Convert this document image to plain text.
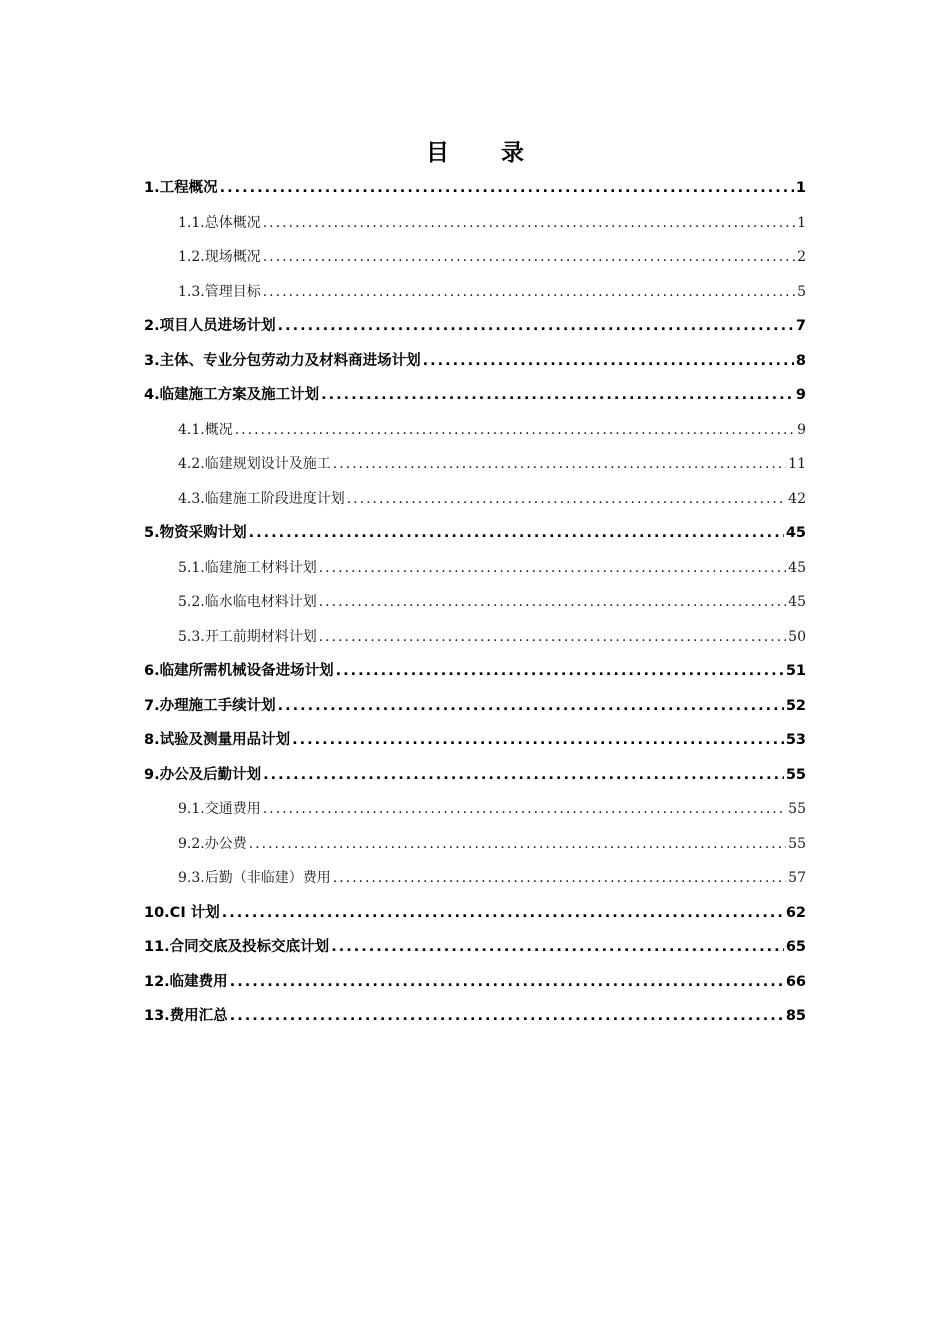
目 录
1.工程概况 .....	1
1.1.总体概况 .....	1
1.2.现场概况 .....	2
1.3.管理目标 .....	5
2.项目人员进场计划 .....	7
3.主体、专业分包劳动力及材料商进场计划 .....	8
4.临建施工方案及施工计划 .....	9
4.1.概况 .....	9
4.2.临建规划设计及施工 .....	11
4.3.临建施工阶段进度计划 .....	42
5.物资采购计划 .....	45
5.1.临建施工材料计划 .....	45
5.2.临水临电材料计划 .....	45
5.3.开工前期材料计划 .....	50
6.临建所需机械设备进场计划 .....	51
7.办理施工手续计划 .....	52
8.试验及测量用品计划 .....	53
9.办公及后勤计划 .....	55
9.1.交通费用 .....	55
9.2.办公费 .....	55
9.3.后勤（非临建）费用 .....	57
10.CI 计划 .....	62
11.合同交底及投标交底计划 .....	65
12.临建费用 .....	66
13.费用汇总 .....	85
